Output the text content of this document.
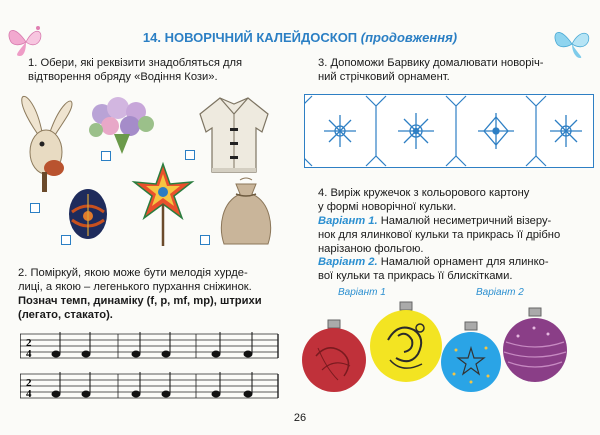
14. НОВОРІЧНИЙ КАЛЕЙДОСКОП (продовження)
1. Обери, які реквізити знадобляться для
відтворення обряду «Водіння Кози».
2. Поміркуй, якою може бути мелодія хурде-
лиці, а якою – легенького пурхання сніжинок.
Познач темп, динаміку (f, p, mf, mp), штрихи
(легато, стакато).
2
4
2
4
3. Допоможи Барвику домалювати новоріч-
ний стрічковий орнамент.
4. Виріж кружечок з кольорового картону
у формі новорічної кульки.
Варіант 1. Намалюй несиметричний візеру-
нок для ялинкової кульки та прикрась її дрібно
нарізаною фольгою.
Варіант 2. Намалюй орнамент для ялинко-
вої кульки та прикрась її блискітками.
Варіант 1	Варіант 2
26
